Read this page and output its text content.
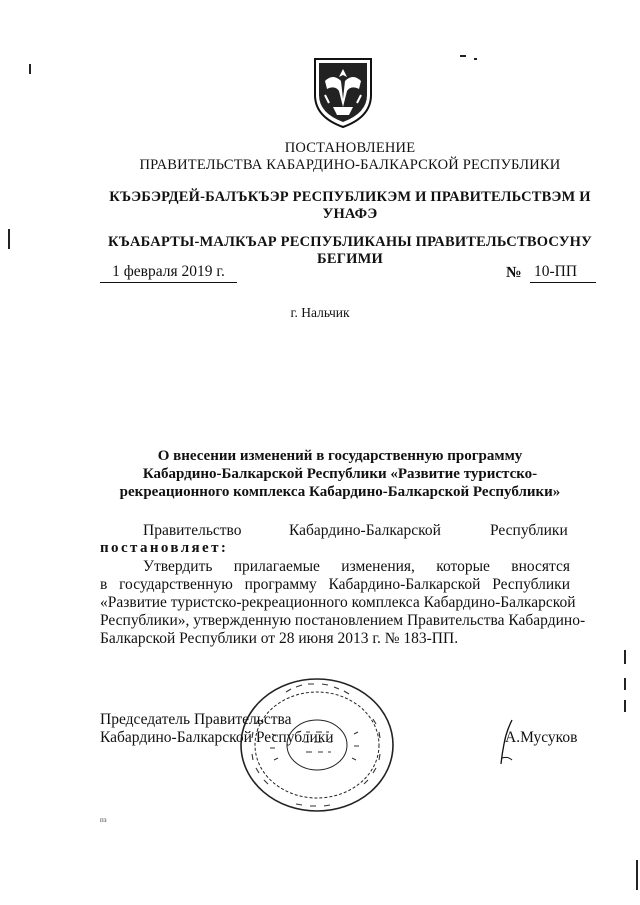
ПОСТАНОВЛЕНИЕ
ПРАВИТЕЛЬСТВА КАБАРДИНО-БАЛКАРСКОЙ РЕСПУБЛИКИ
КЪЭБЭРДЕЙ-БАЛЪКЪЭР РЕСПУБЛИКЭМ И ПРАВИТЕЛЬСТВЭМ И
УНАФЭ
КЪАБАРТЫ-МАЛКЪАР РЕСПУБЛИКАНЫ ПРАВИТЕЛЬСТВОСУНУ
БЕГИМИ
1 февраля 2019 г.	№ 10-ПП
г. Нальчик
О внесении изменений в государственную программу
Кабардино-Балкарской Республики «Развитие туристско-
рекреационного комплекса Кабардино-Балкарской Республики»
Правительство	Кабардино-Балкарской	Республики
постановляет:
Утвердить прилагаемые изменения, которые вносятся
в государственную программу Кабардино-Балкарской Республики
«Развитие туристско-рекреационного комплекса Кабардино-Балкарской
Республики», утвержденную постановлением Правительства Кабардино-
Балкарской Республики от 28 июня 2013 г. № 183-ПП.
Председатель Правительства
Кабардино-Балкарской Республики	А.Мусуков
пз
